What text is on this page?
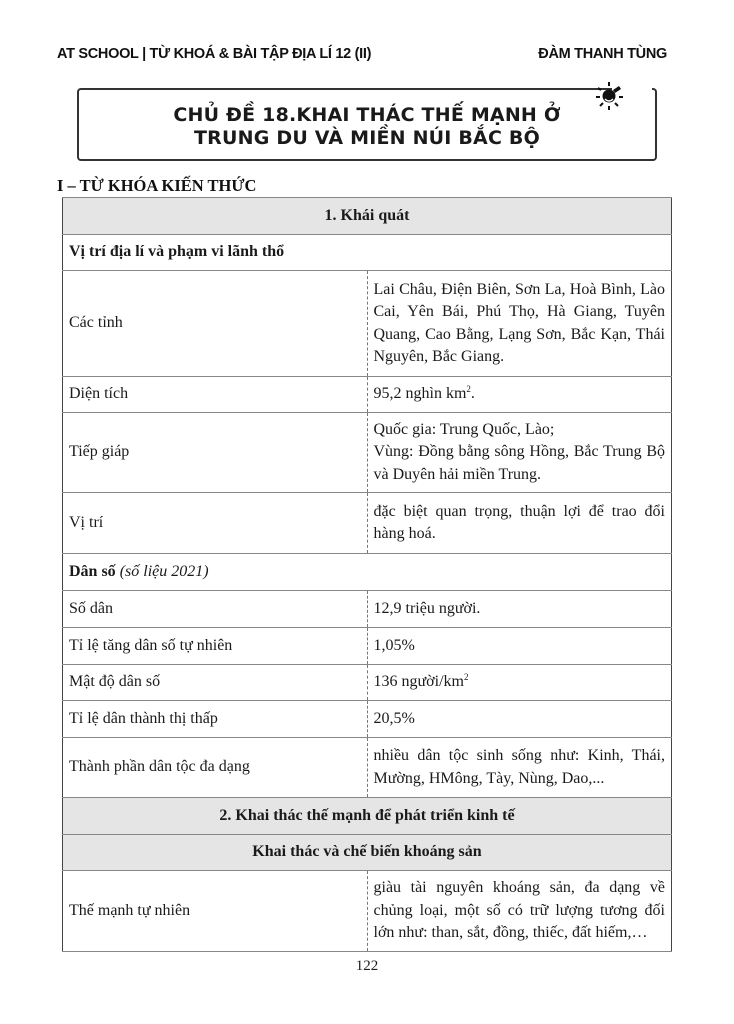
AT SCHOOL | TỪ KHOÁ & BÀI TẬP ĐỊA LÍ 12 (II)	ĐÀM THANH TÙNG
CHỦ ĐỀ 18.KHAI THÁC THẾ MẠNH Ở
TRUNG DU VÀ MIỀN NÚI BẮC BỘ
I – TỪ KHÓA KIẾN THỨC
1. Khái quát	
Vị trí địa lí và phạm vi lãnh thổ	
Các tỉnh	Lai Châu, Điện Biên, Sơn La, Hoà Bình, Lào Cai, Yên Bái, Phú Thọ, Hà Giang, Tuyên Quang, Cao Bằng, Lạng Sơn, Bắc Kạn, Thái Nguyên, Bắc Giang.
Diện tích	95,2 nghìn $km^2$.
Tiếp giáp	Quốc gia: Trung Quốc, Lào;
Vùng: Đồng bằng sông Hồng, Bắc Trung Bộ và Duyên hải miền Trung.

Vị trí	đặc biệt quan trọng, thuận lợi để trao đổi hàng hoá.
Dân số (số liệu 2021)	
Số dân	12,9 triệu người.
Tỉ lệ tăng dân số tự nhiên	1,05%
Mật độ dân số	136 người/$km^2$
Tỉ lệ dân thành thị thấp	20,5%
Thành phần dân tộc đa dạng	nhiều dân tộc sinh sống như: Kinh, Thái, Mường, HMông, Tày, Nùng, Dao,...
2. Khai thác thế mạnh để phát triển kinh tế	
Khai thác và chế biến khoáng sản	
Thế mạnh tự nhiên	giàu tài nguyên khoáng sản, đa dạng về chủng loại, một số có trữ lượng tương đối lớn như: than, sắt, đồng, thiếc, đất hiếm,…
122
